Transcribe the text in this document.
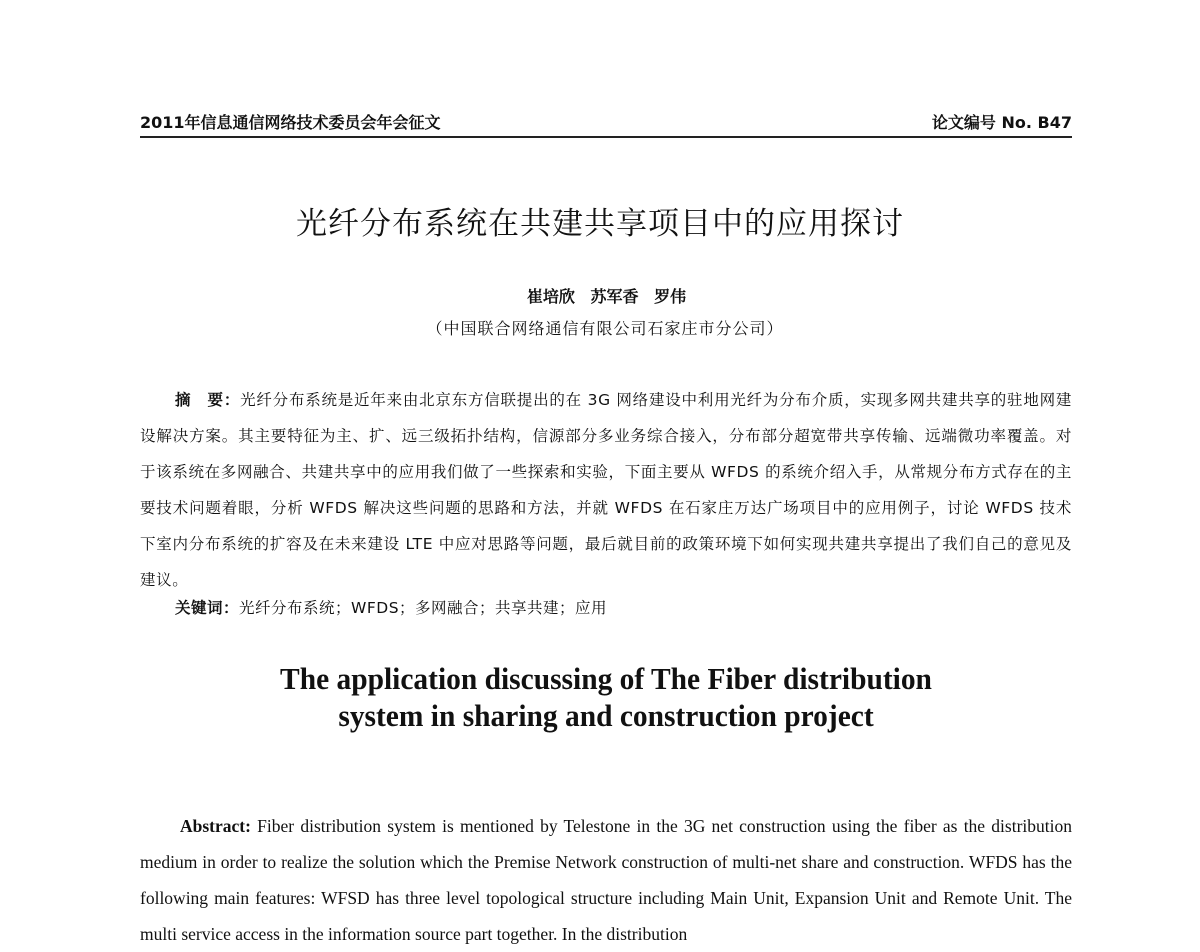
2011年信息通信网络技术委员会年会征文	论文编号 No. B47
光纤分布系统在共建共享项目中的应用探讨
崔培欣 苏军香 罗伟
（中国联合网络通信有限公司石家庄市分公司）
摘　要：光纤分布系统是近年来由北京东方信联提出的在 3G 网络建设中利用光纤为分布介质，实现多网共建共享的驻地网建设解决方案。其主要特征为主、扩、远三级拓扑结构，信源部分多业务综合接入，分布部分超宽带共享传输、远端微功率覆盖。对于该系统在多网融合、共建共享中的应用我们做了一些探索和实验，下面主要从 WFDS 的系统介绍入手，从常规分布方式存在的主要技术问题着眼，分析 WFDS 解决这些问题的思路和方法，并就 WFDS 在石家庄万达广场项目中的应用例子，讨论 WFDS 技术下室内分布系统的扩容及在未来建设 LTE 中应对思路等问题，最后就目前的政策环境下如何实现共建共享提出了我们自己的意见及建议。
关键词：光纤分布系统；WFDS；多网融合；共享共建；应用
The application discussing of The Fiber distribution
system in sharing and construction project
Abstract: Fiber distribution system is mentioned by Telestone in the 3G net construction using the fiber as the distribution medium in order to realize the solution which the Premise Network construction of multi-net share and construction. WFDS has the following main features: WFSD has three level topological structure including Main Unit, Expansion Unit and Remote Unit. The multi service access in the information source part together. In the distribution
